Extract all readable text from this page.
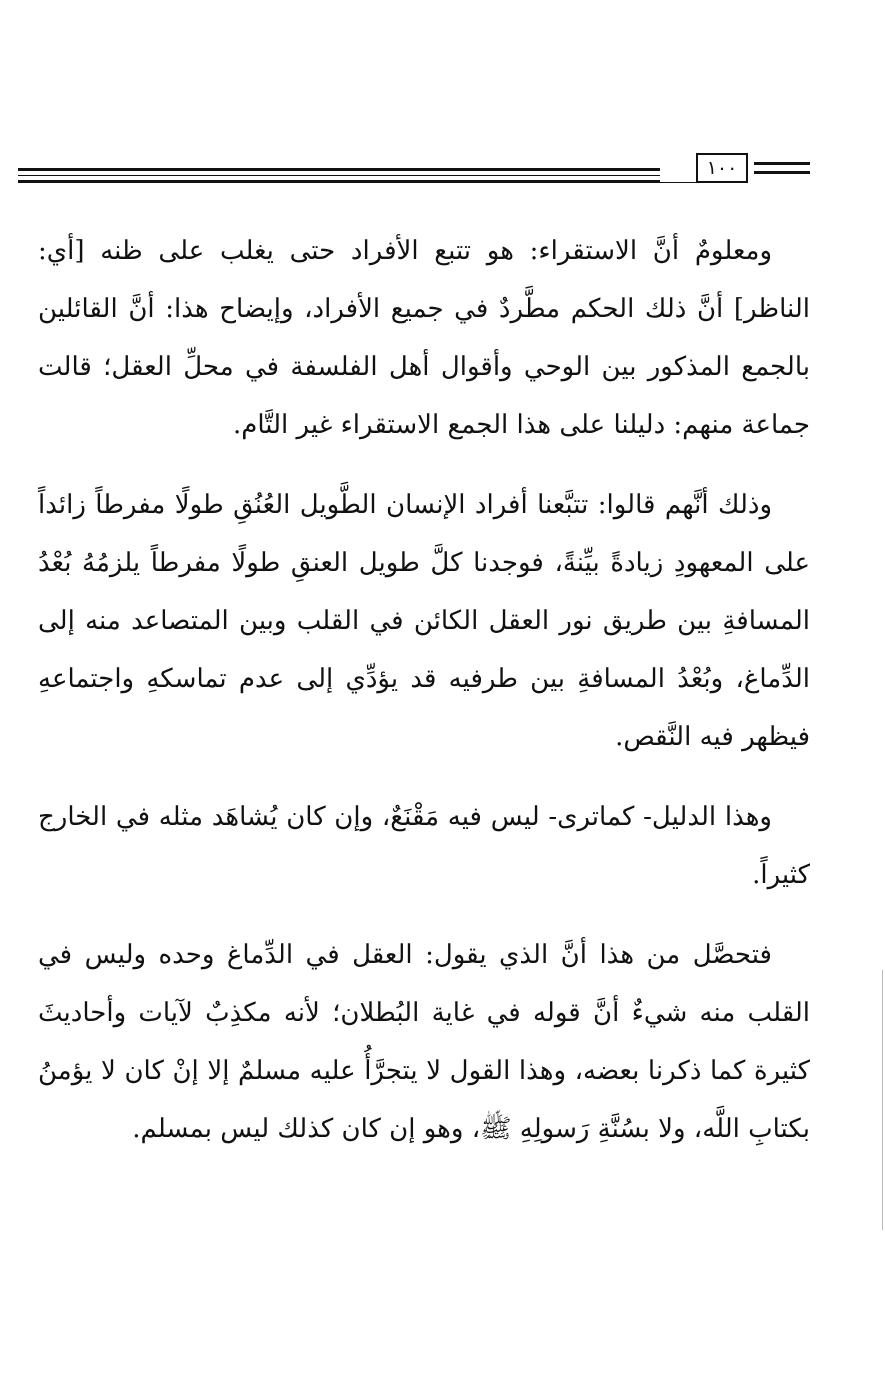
١٠٠

ومعلومٌ أنَّ الاستقراء: هو تتبع الأفراد حتى يغلب على ظنه [أي: الناظر] أنَّ ذلك الحكم مطَّردٌ في جميع الأفراد، وإيضاح هذا: أنَّ القائلين بالجمع المذكور بين الوحي وأقوال أهل الفلسفة في محلِّ العقل؛ قالت جماعة منهم: دليلنا على هذا الجمع الاستقراء غير التَّام.

وذلك أنَّهم قالوا: تتبَّعنا أفراد الإنسان الطَّويل العُنُقِ طولًا مفرطاً زائداً على المعهودِ زيادةً بيِّنةً، فوجدنا كلَّ طويل العنقِ طولًا مفرطاً يلزمُهُ بُعْدُ المسافةِ بين طريق نور العقل الكائن في القلب وبين المتصاعد منه إلى الدِّماغ، وبُعْدُ المسافةِ بين طرفيه قد يؤدِّي إلى عدم تماسكهِ واجتماعهِ فيظهر فيه النَّقص.

وهذا الدليل- كماترى- ليس فيه مَقْنَعٌ، وإن كان يُشاهَد مثله في الخارج كثيراً.

فتحصَّل من هذا أنَّ الذي يقول: العقل في الدِّماغ وحده وليس في القلب منه شيءٌ أنَّ قوله في غاية البُطلان؛ لأنه مكذِبٌ لآيات وأحاديثَ كثيرة كما ذكرنا بعضه، وهذا القول لا يتجرَّأُ عليه مسلمٌ إلا إنْ كان لا يؤمنُ بكتابِ اللَّه، ولا بسُنَّةِ رَسولِهِ ﷺ، وهو إن كان كذلك ليس بمسلم.
